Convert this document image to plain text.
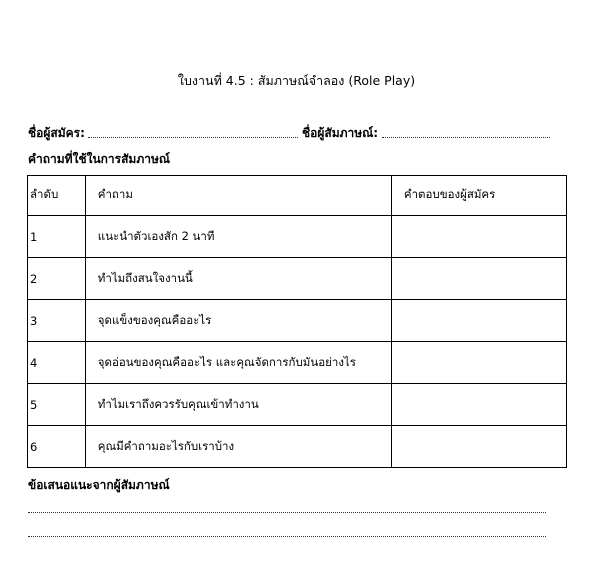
ใบงานที่ 4.5 : สัมภาษณ์จำลอง (Role Play)
ชื่อผู้สมัคร:	ชื่อผู้สัมภาษณ์:
คำถามที่ใช้ในการสัมภาษณ์
ลำดับ	คำถาม	คำตอบของผู้สมัคร
1	แนะนำตัวเองสัก 2 นาที	
2	ทำไมถึงสนใจงานนี้	
3	จุดแข็งของคุณคืออะไร	
4	จุดอ่อนของคุณคืออะไร และคุณจัดการกับมันอย่างไร	
5	ทำไมเราถึงควรรับคุณเข้าทำงาน	
6	คุณมีคำถามอะไรกับเราบ้าง	
ข้อเสนอแนะจากผู้สัมภาษณ์
